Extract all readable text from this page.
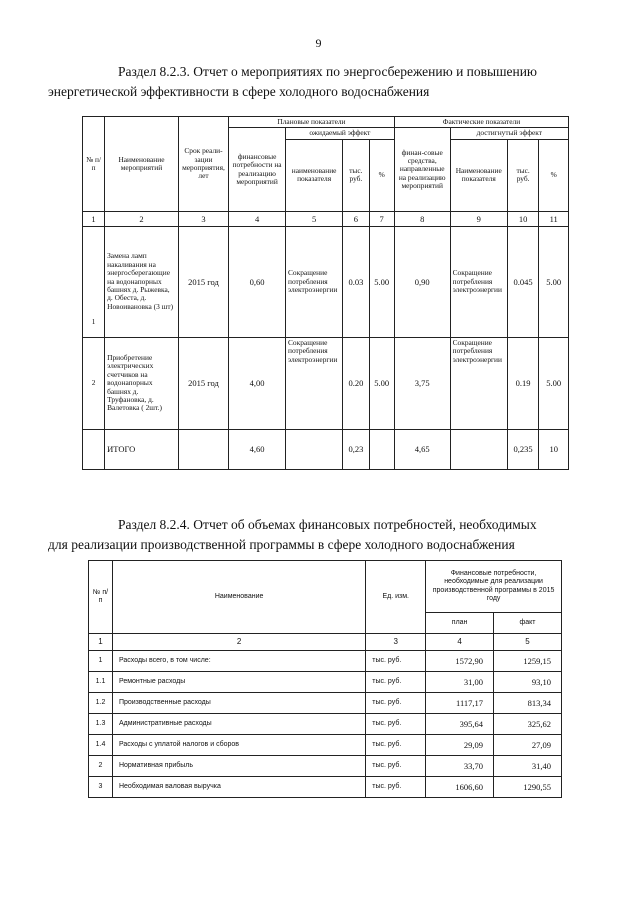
9
Раздел 8.2.3. Отчет о мероприятиях по энергосбережению и повышению
энергетической эффективности в сфере холодного водоснабжения
№ п/п	Наименование мероприятий	Срок реали-зации мероприятия, лет	Плановые показатели				Фактические показатели			
			финансовые потребности на реализацию мероприятий	ожидаемый эффект			финан-совые средства, направленные на реализацию мероприятий	достигнутый эффект		
				наименование показателя	тыс. руб.	%		Наименование показателя	тыс. руб.	%
1	2	3	4	5	6	7	8	9	10	11
1	Замена ламп накаливания на энергосберегающие на водонапорных башнях д. Рыжевка, д. Обеста, д. Новоивановка (3 шт)	2015 год	0,60	Сокращение потребления электроэнергии	0.03	5.00	0,90	Сокращение потребления электроэнергии	0.045	5.00
2	Приобретение электрических счетчиков на водонапорных башнях д. Труфановка, д. Валетовка ( 2шт.)	2015 год	4,00	Сокращение потребления электроэнергии	0.20	5.00	3,75	Сокращение потребления электроэнергии	0.19	5.00
	ИТОГО		4,60		0,23		4,65		0,235	10
Раздел 8.2.4. Отчет об объемах финансовых потребностей, необходимых
для реализации производственной программы в сфере холодного водоснабжения
№ п/п	Наименование	Ед. изм.	Финансовые потребности, необходимые для реализации производственной программы в 2015 году	
			план	факт
1	2	3	4	5
1	Расходы всего, в том числе:	тыс. руб.	1572,90	1259,15
1.1	Ремонтные расходы	тыс. руб.	31,00	93,10
1.2	Производственные расходы	тыс. руб.	1117,17	813,34
1.3	Административные расходы	тыс. руб.	395,64	325,62
1.4	Расходы с уплатой налогов и сборов	тыс. руб.	29,09	27,09
2	Нормативная прибыль	тыс. руб.	33,70	31,40
3	Необходимая валовая выручка	тыс. руб.	1606,60	1290,55
